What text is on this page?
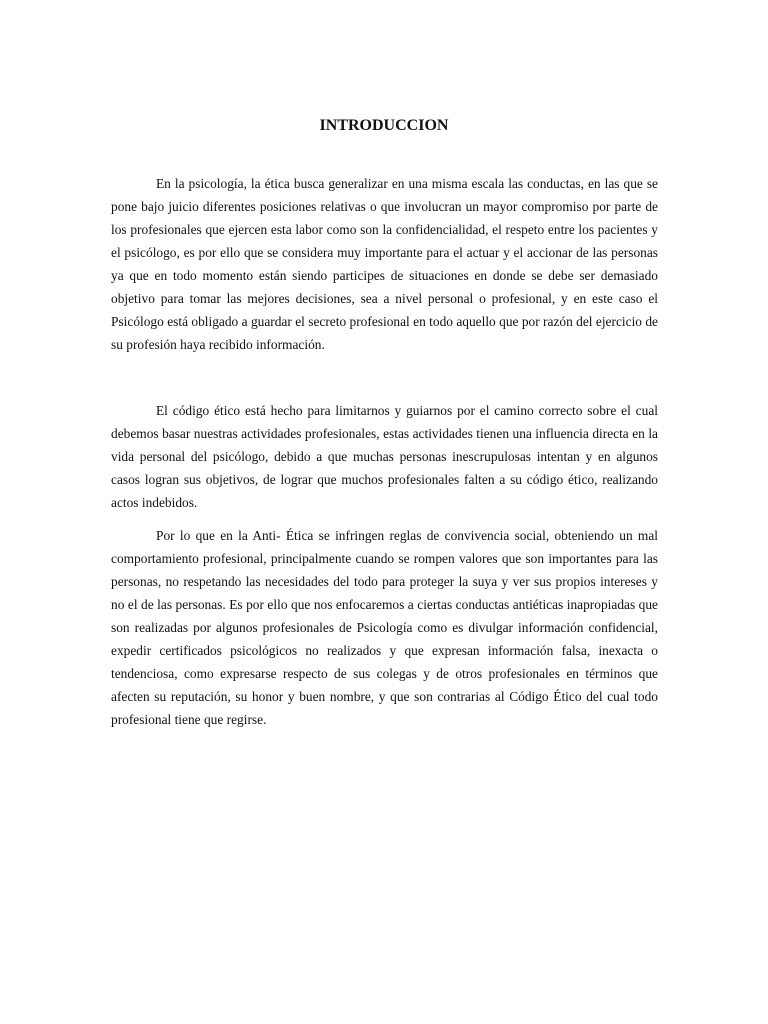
INTRODUCCION

En la psicología, la ética busca generalizar en una misma escala las conductas, en las que se pone bajo juicio diferentes posiciones relativas o que involucran un mayor compromiso por parte de los profesionales que ejercen esta labor como son la confidencialidad, el respeto entre los pacientes y el psicólogo, es por ello que se considera muy importante para el actuar y el accionar de las personas ya que en todo momento están siendo participes de situaciones en donde se debe ser demasiado objetivo para tomar las mejores decisiones, sea a nivel personal o profesional, y en este caso el Psicólogo está obligado a guardar el secreto profesional en todo aquello que por razón del ejercicio de su profesión haya recibido información.

El código ético está hecho para limitarnos y guiarnos por el camino correcto sobre el cual debemos basar nuestras actividades profesionales, estas actividades tienen una influencia directa en la vida personal del psicólogo, debido a que muchas personas inescrupulosas intentan y en algunos casos logran sus objetivos, de lograr que muchos profesionales falten a su código ético, realizando actos indebidos.

Por lo que en la Anti- Ética se infringen reglas de convivencia social, obteniendo un mal comportamiento profesional, principalmente cuando se rompen valores que son importantes para las personas, no respetando las necesidades del todo para proteger la suya y ver sus propios intereses y no el de las personas. Es por ello que nos enfocaremos a ciertas conductas antiéticas inapropiadas que son realizadas por algunos profesionales de Psicología como es divulgar información confidencial, expedir certificados psicológicos no realizados y que expresan información falsa, inexacta o tendenciosa, como expresarse respecto de sus colegas y de otros profesionales en términos que afecten su reputación, su honor y buen nombre, y que son contrarias al Código Ético del cual todo profesional tiene que regirse.
